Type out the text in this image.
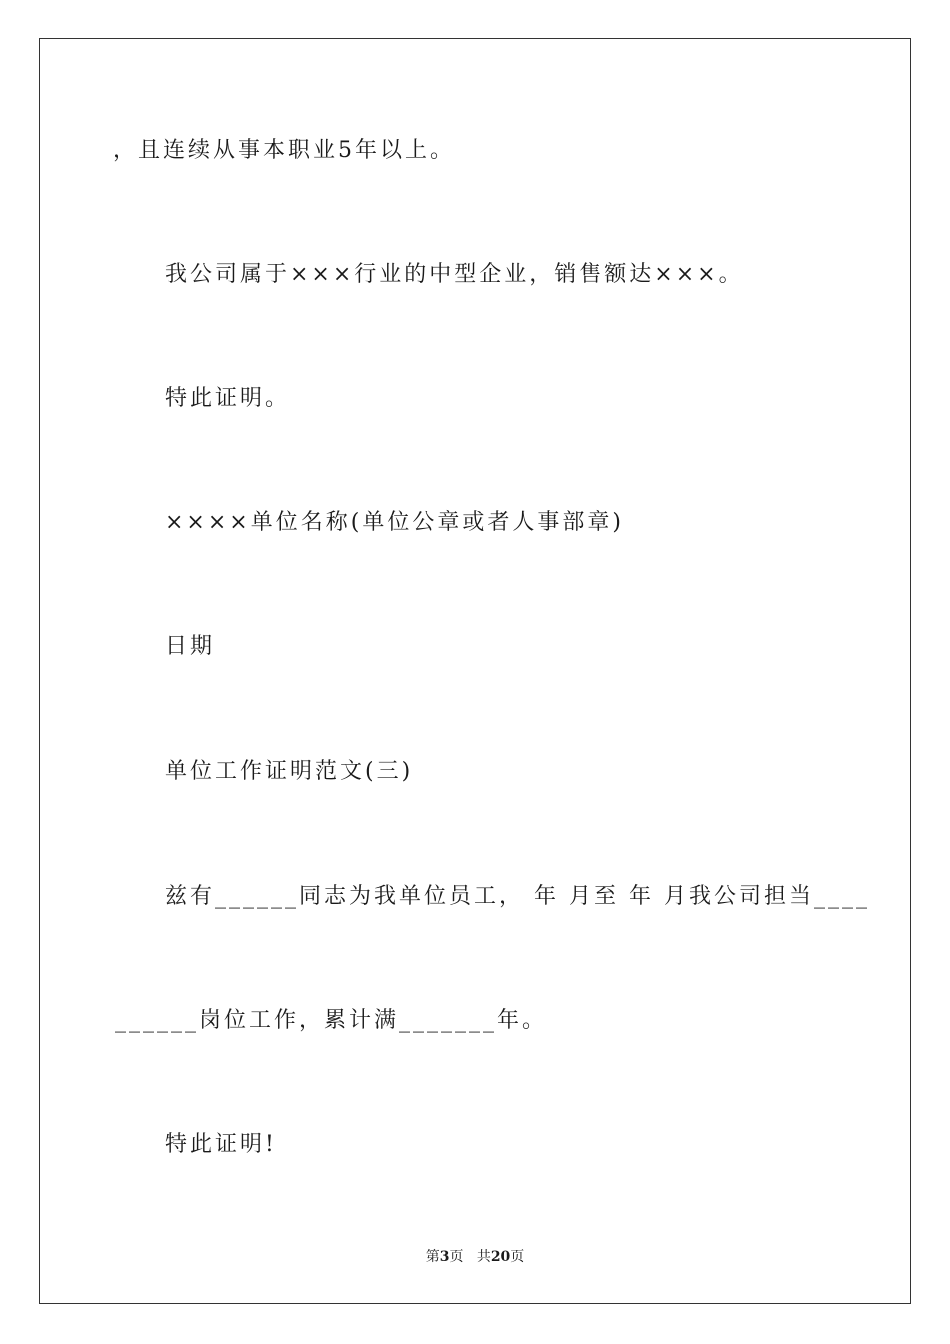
，且连续从事本职业5年以上。
我公司属于×××行业的中型企业，销售额达×××。
特此证明。
××××单位名称(单位公章或者人事部章)
日期
单位工作证明范文(三)
兹有______同志为我单位员工， 年 月至 年 月我公司担当____
______岗位工作，累计满_______年。
特此证明!
第3页 共20页
